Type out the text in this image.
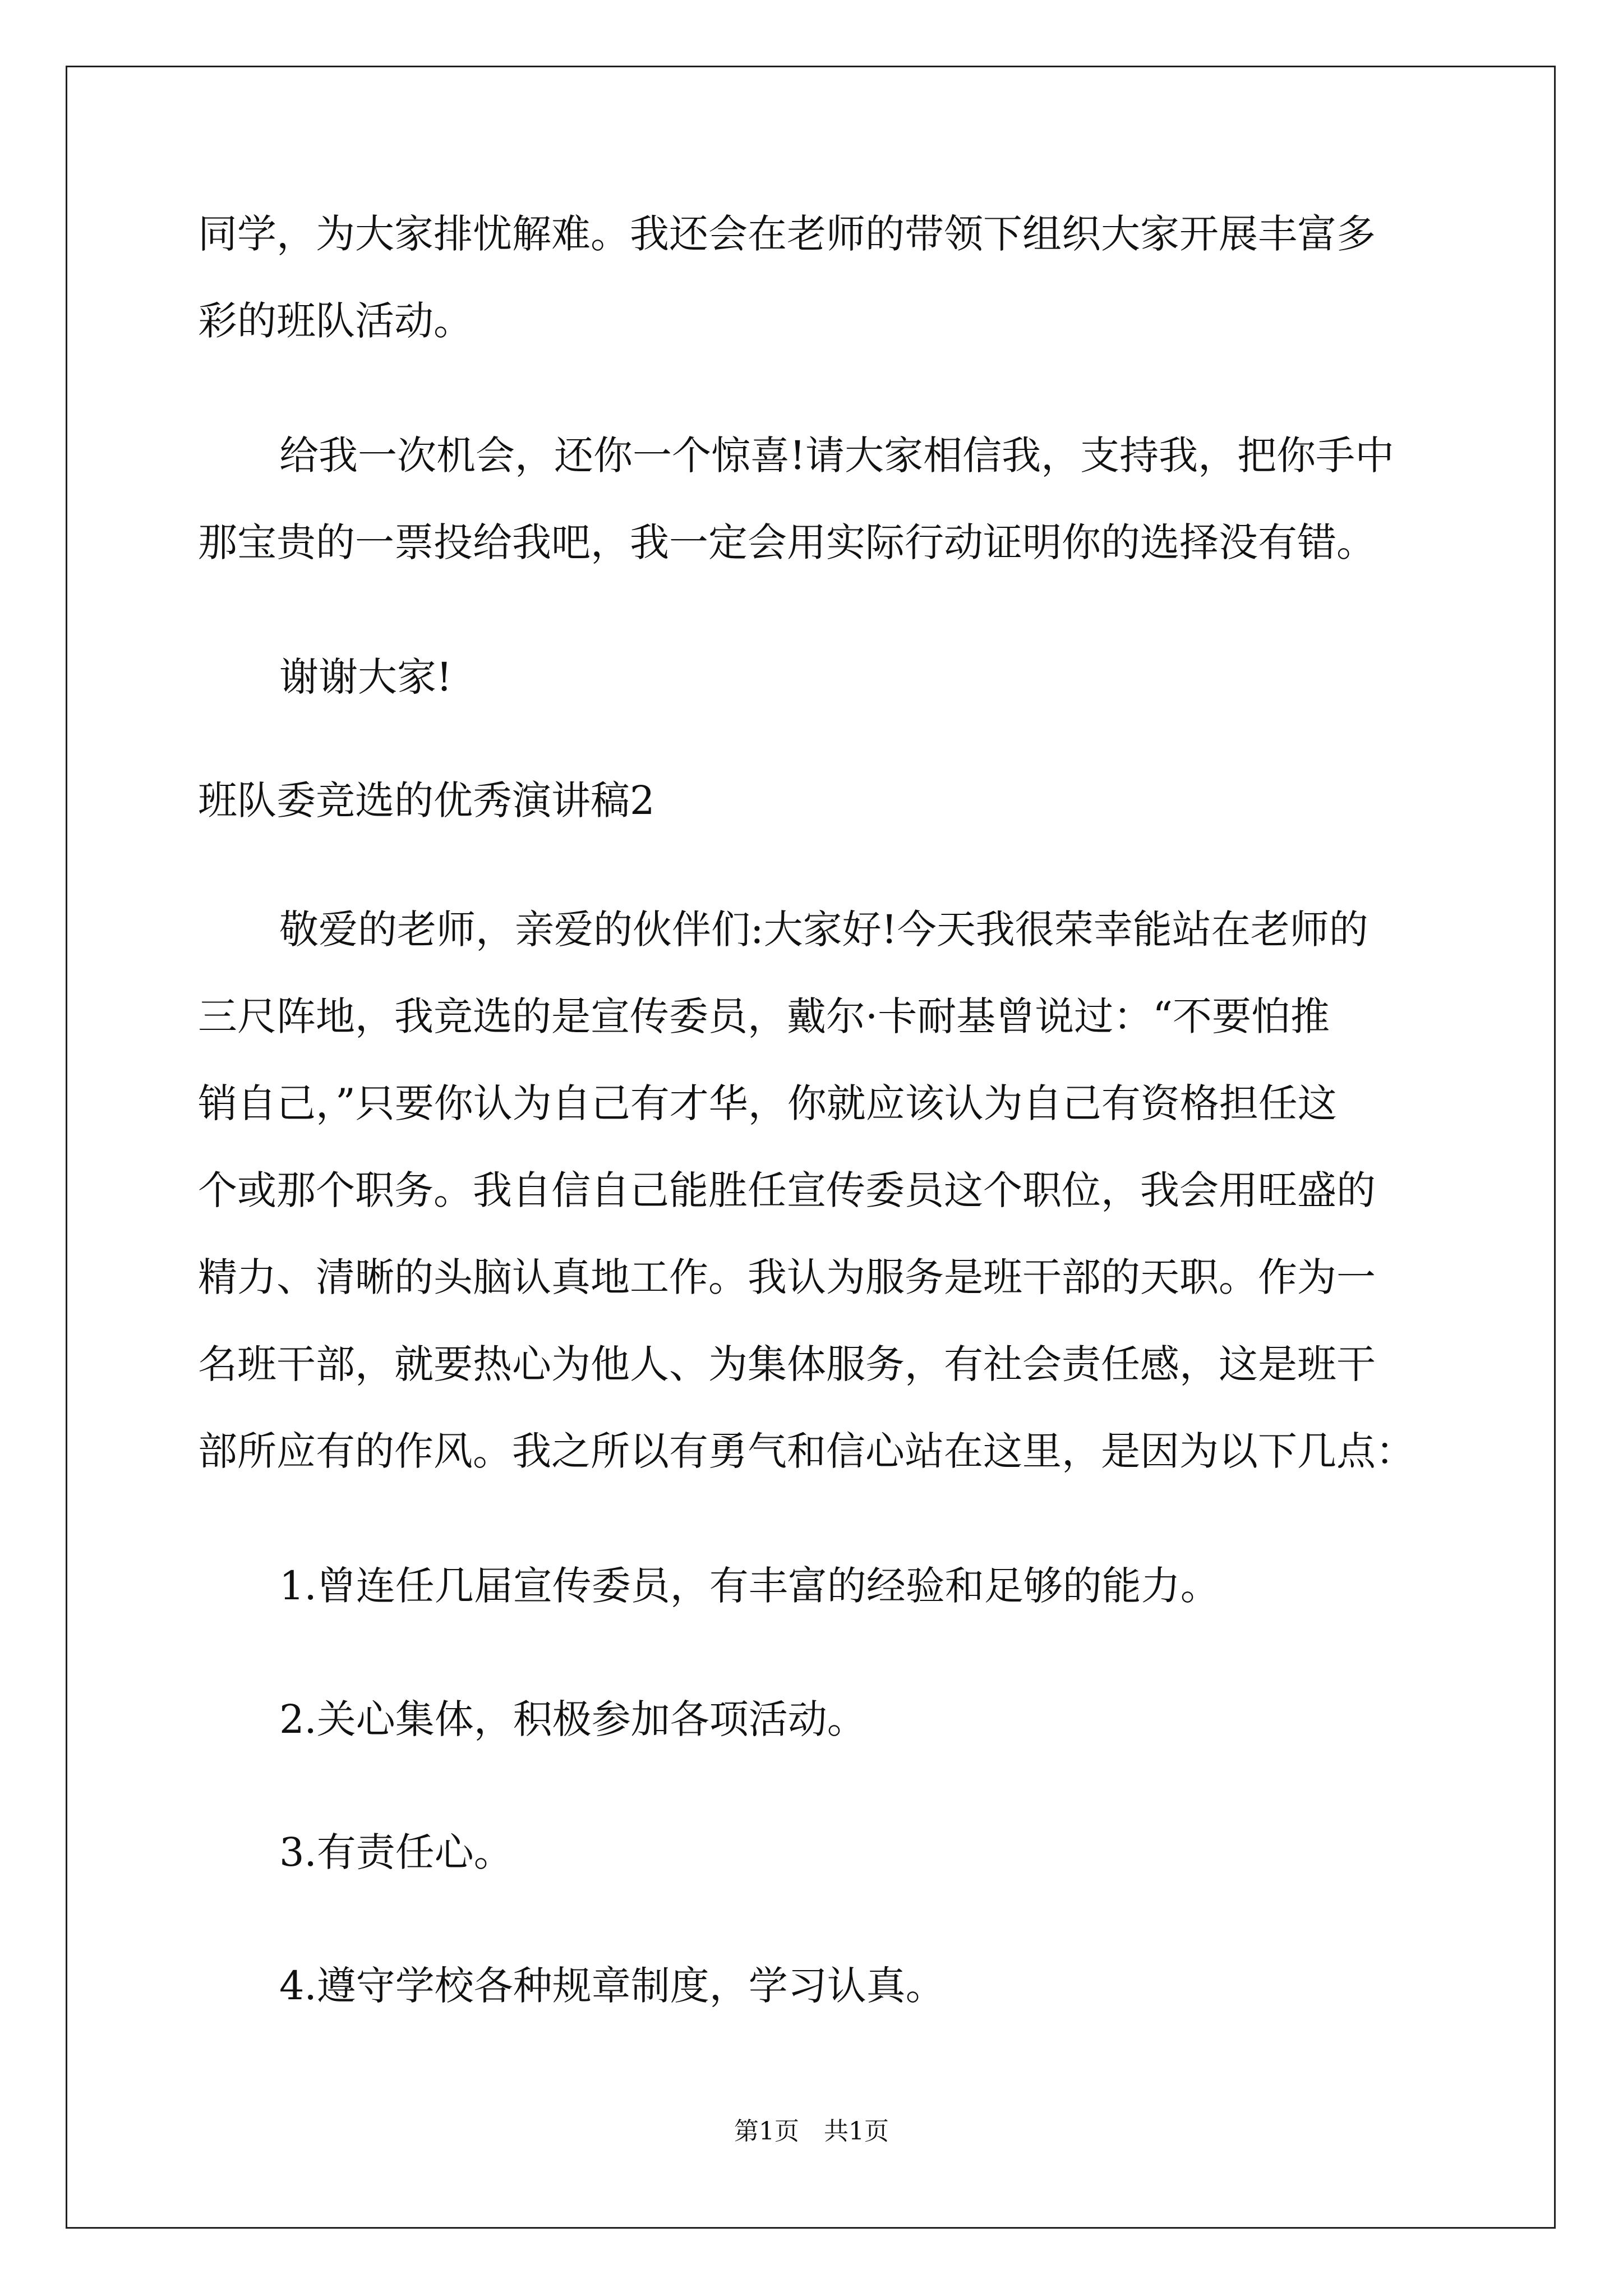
同学，为大家排忧解难。我还会在老师的带领下组织大家开展丰富多
彩的班队活动。
给我一次机会，还你一个惊喜!请大家相信我，支持我，把你手中
那宝贵的一票投给我吧，我一定会用实际行动证明你的选择没有错。
谢谢大家!
班队委竞选的优秀演讲稿2
敬爱的老师，亲爱的伙伴们:大家好!今天我很荣幸能站在老师的
三尺阵地，我竞选的是宣传委员，戴尔·卡耐基曾说过：“不要怕推
销自己，”只要你认为自己有才华，你就应该认为自己有资格担任这
个或那个职务。我自信自己能胜任宣传委员这个职位，我会用旺盛的
精力、清晰的头脑认真地工作。我认为服务是班干部的天职。作为一
名班干部，就要热心为他人、为集体服务，有社会责任感，这是班干
部所应有的作风。我之所以有勇气和信心站在这里，是因为以下几点：
1.曾连任几届宣传委员，有丰富的经验和足够的能力。
2.关心集体，积极参加各项活动。
3.有责任心。
4.遵守学校各种规章制度，学习认真。
第1页　共1页
